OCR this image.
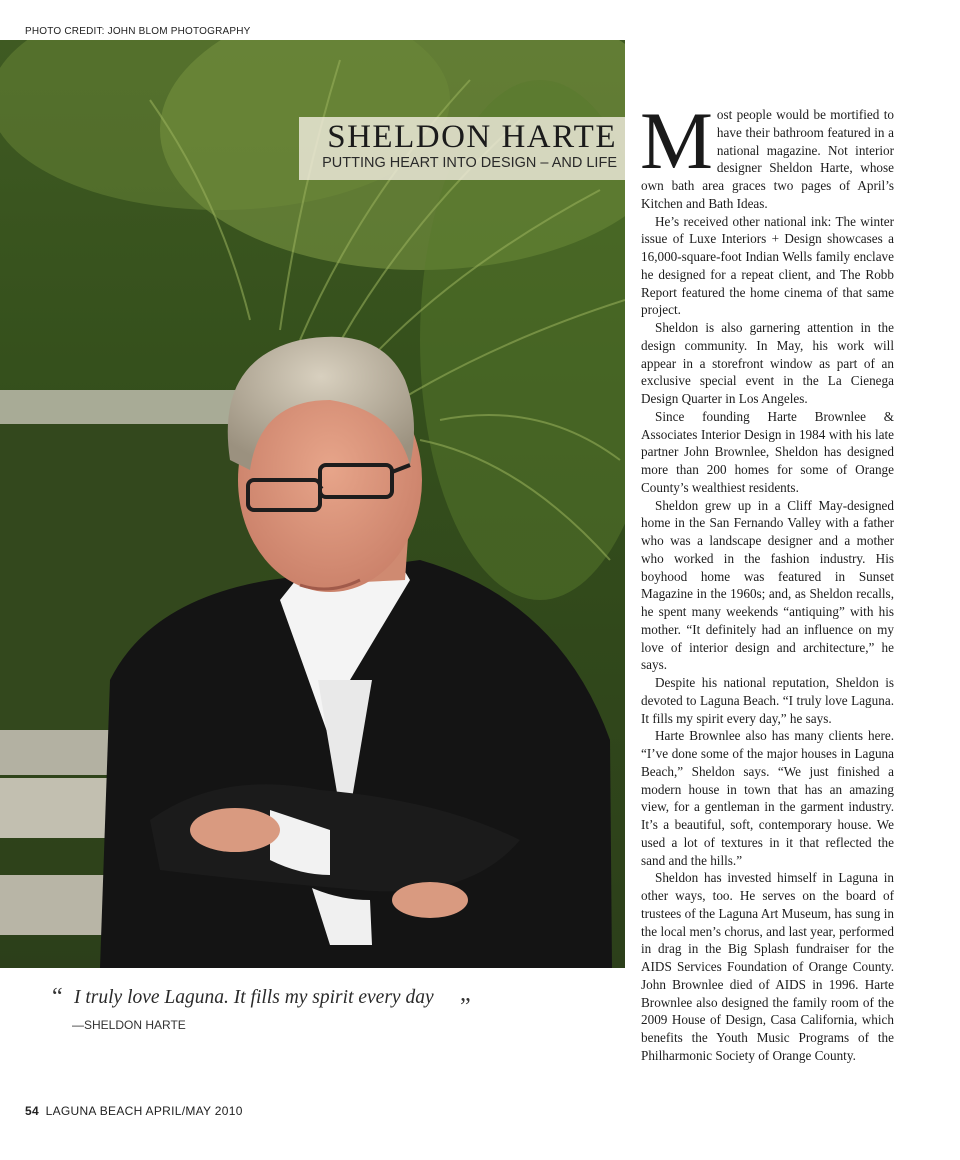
PHOTO CREDIT: JOHN BLOM PHOTOGRAPHY
SHELDON HARTE
PUTTING HEART INTO DESIGN – AND LIFE Most people would be mortified to have their bathroom featured in a national magazine. Not interior designer Sheldon Harte, whose own bath area graces two pages of April’s Kitchen and Bath Ideas.

He’s received other national ink: The winter issue of Luxe Interiors + Design showcases a 16,000-square-foot Indian Wells family enclave he designed for a repeat client, and The Robb Report featured the home cinema of that same project.

Sheldon is also garnering attention in the design community. In May, his work will appear in a storefront window as part of an exclusive special event in the La Cienega Design Quarter in Los Angeles.

Since founding Harte Brownlee & Associates Interior Design in 1984 with his late partner John Brownlee, Sheldon has designed more than 200 homes for some of Orange County’s wealthiest residents.

Sheldon grew up in a Cliff May-designed home in the San Fernando Valley with a father who was a landscape designer and a mother who worked in the fashion industry. His boyhood home was featured in Sunset Magazine in the 1960s; and, as Sheldon recalls, he spent many weekends “antiquing” with his mother. “It definitely had an influence on my love of interior design and architecture,” he says.

Despite his national reputation, Sheldon is devoted to Laguna Beach. “I truly love Laguna. It fills my spirit every day,” he says.

Harte Brownlee also has many clients here. “I’ve done some of the major houses in Laguna Beach,” Sheldon says. “We just finished a modern house in town that has an amazing view, for a gentleman in the garment industry. It’s a beautiful, soft, contemporary house. We used a lot of textures in it that reflected the sand and the hills.”

Sheldon has invested himself in Laguna in other ways, too. He serves on the board of trustees of the Laguna Art Museum, has sung in the local men’s chorus, and last year, performed in drag in the Big Splash fundraiser for the AIDS Services Foundation of Orange County. John Brownlee died of AIDS in 1996. Harte Brownlee also designed the family room of the 2009 House of Design, Casa California, which benefits the Youth Music Programs of the Philharmonic Society of Orange County.

“ I truly love Laguna. It fills my spirit every day ”
—SHELDON HARTE
54 LAGUNA BEACH APRIL/MAY 2010
